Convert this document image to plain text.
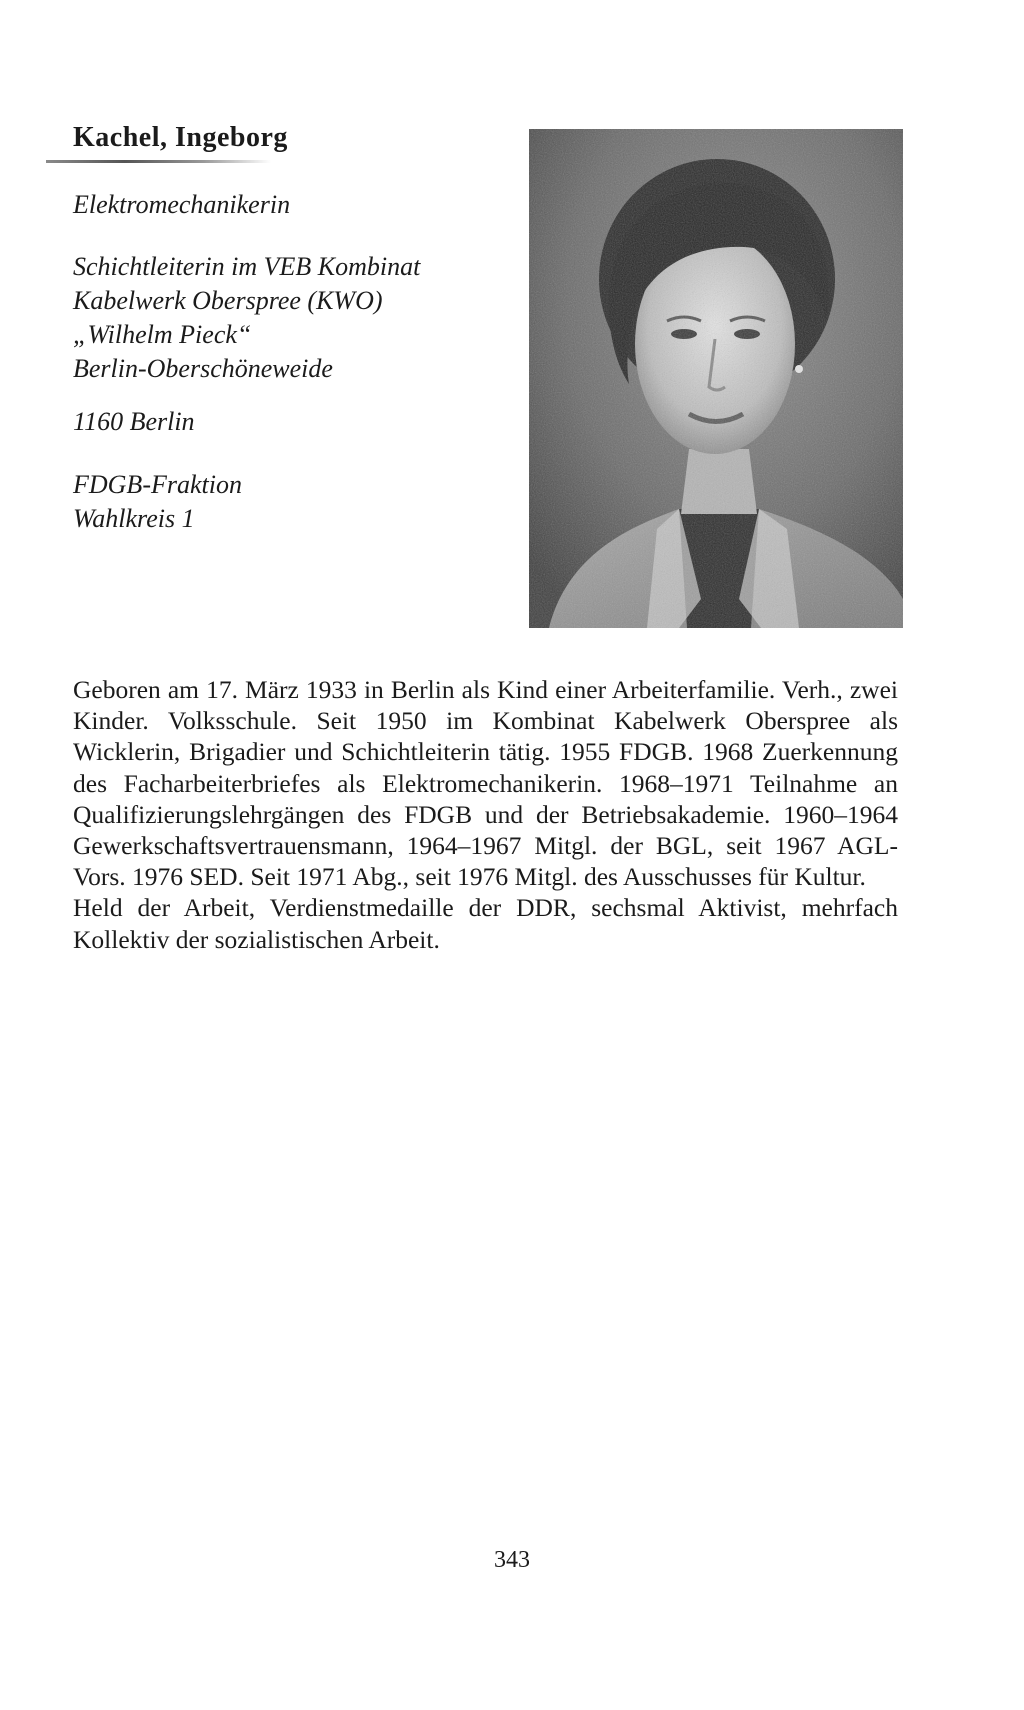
Kachel, Ingeborg

Elektromechanikerin

Schichtleiterin im VEB Kombinat
Kabelwerk Oberspree (KWO)
„Wilhelm Pieck“
Berlin-Oberschöneweide

1160 Berlin

FDGB-Fraktion
Wahlkreis 1

Geboren am 17. März 1933 in Berlin als Kind einer Arbeiterfamilie. Verh., zwei Kinder. Volksschule. Seit 1950 im Kombinat Kabelwerk Oberspree als Wicklerin, Brigadier und Schichtleiterin tätig. 1955 FDGB. 1968 Zuerkennung des Facharbeiterbriefes als Elektromechanikerin. 1968–1971 Teilnahme an Qualifizierungslehrgängen des FDGB und der Betriebsakademie. 1960–1964 Gewerkschaftsvertrauensmann, 1964–1967 Mitgl. der BGL, seit 1967 AGL-Vors. 1976 SED. Seit 1971 Abg., seit 1976 Mitgl. des Ausschusses für Kultur.

Held der Arbeit, Verdienstmedaille der DDR, sechsmal Aktivist, mehrfach Kollektiv der sozialistischen Arbeit.

343
